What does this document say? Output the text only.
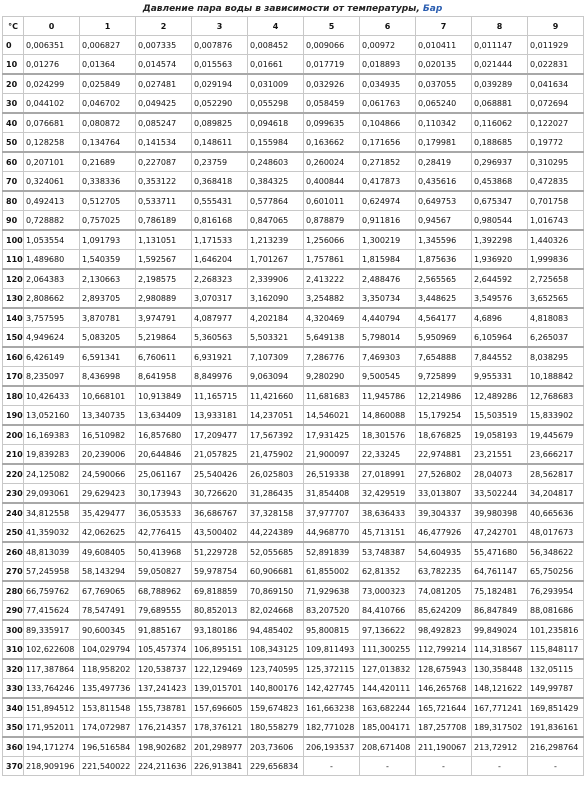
Давление пара воды в зависимости от температуры, Бар
°C	0	1	2	3	4	5	6	7	8	9
0	0,006351	0,006827	0,007335	0,007876	0,008452	0,009066	0,00972	0,010411	0,011147	0,011929
10	0,01276	0,01364	0,014574	0,015563	0,01661	0,017719	0,018893	0,020135	0,021444	0,022831
20	0,024299	0,025849	0,027481	0,029194	0,031009	0,032926	0,034935	0,037055	0,039289	0,041634
30	0,044102	0,046702	0,049425	0,052290	0,055298	0,058459	0,061763	0,065240	0,068881	0,072694
40	0,076681	0,080872	0,085247	0,089825	0,094618	0,099635	0,104866	0,110342	0,116062	0,122027
50	0,128258	0,134764	0,141534	0,148611	0,155984	0,163662	0,171656	0,179981	0,188685	0,19772
60	0,207101	0,21689	0,227087	0,23759	0,248603	0,260024	0,271852	0,28419	0,296937	0,310295
70	0,324061	0,338336	0,353122	0,368418	0,384325	0,400844	0,417873	0,435616	0,453868	0,472835
80	0,492413	0,512705	0,533711	0,555431	0,577864	0,601011	0,624974	0,649753	0,675347	0,701758
90	0,728882	0,757025	0,786189	0,816168	0,847065	0,878879	0,911816	0,94567	0,980544	1,016743
100	1,053554	1,091793	1,131051	1,171533	1,213239	1,256066	1,300219	1,345596	1,392298	1,440326
110	1,489680	1,540359	1,592567	1,646204	1,701267	1,757861	1,815984	1,875636	1,936920	1,999836
120	2,064383	2,130663	2,198575	2,268323	2,339906	2,413222	2,488476	2,565565	2,644592	2,725658
130	2,808662	2,893705	2,980889	3,070317	3,162090	3,254882	3,350734	3,448625	3,549576	3,652565
140	3,757595	3,870781	3,974791	4,087977	4,202184	4,320469	4,440794	4,564177	4,6896	4,818083
150	4,949624	5,083205	5,219864	5,360563	5,503321	5,649138	5,798014	5,950969	6,105964	6,265037
160	6,426149	6,591341	6,760611	6,931921	7,107309	7,286776	7,469303	7,654888	7,844552	8,038295
170	8,235097	8,436998	8,641958	8,849976	9,063094	9,280290	9,500545	9,725899	9,955331	10,188842
180	10,426433	10,668101	10,913849	11,165715	11,421660	11,681683	11,945786	12,214986	12,489286	12,768683
190	13,052160	13,340735	13,634409	13,933181	14,237051	14,546021	14,860088	15,179254	15,503519	15,833902
200	16,169383	16,510982	16,857680	17,209477	17,567392	17,931425	18,301576	18,676825	19,058193	19,445679
210	19,839283	20,239006	20,644846	21,057825	21,475902	21,900097	22,33245	22,974881	23,21551	23,666217
220	24,125082	24,590066	25,061167	25,540426	26,025803	26,519338	27,018991	27,526802	28,04073	28,562817
230	29,093061	29,629423	30,173943	30,726620	31,286435	31,854408	32,429519	33,013807	33,502244	34,204817
240	34,812558	35,429477	36,053533	36,686767	37,328158	37,977707	38,636433	39,304337	39,980398	40,665636
250	41,359032	42,062625	42,776415	43,500402	44,224389	44,968770	45,713151	46,477926	47,242701	48,017673
260	48,813039	49,608405	50,413968	51,229728	52,055685	52,891839	53,748387	54,604935	55,471680	56,348622
270	57,245958	58,143294	59,050827	59,978754	60,906681	61,855002	62,81352	63,782235	64,761147	65,750256
280	66,759762	67,769065	68,788962	69,818859	70,869150	71,929638	73,000323	74,081205	75,182481	76,293954
290	77,415624	78,547491	79,689555	80,852013	82,024668	83,207520	84,410766	85,624209	86,847849	88,081686
300	89,335917	90,600345	91,885167	93,180186	94,485402	95,800815	97,136622	98,492823	99,849024	101,235816
310	102,622608	104,029794	105,457374	106,895151	108,343125	109,811493	111,300255	112,799214	114,318567	115,848117
320	117,387864	118,958202	120,538737	122,129469	123,740595	125,372115	127,013832	128,675943	130,358448	132,05115
330	133,764246	135,497736	137,241423	139,015701	140,800176	142,427745	144,420111	146,265768	148,121622	149,99787
340	151,894512	153,811548	155,738781	157,696605	159,674823	161,663238	163,682244	165,721644	167,771241	169,851429
350	171,952011	174,072987	176,214357	178,376121	180,558279	182,771028	185,004171	187,257708	189,317502	191,836161
360	194,171274	196,516584	198,902682	201,298977	203,73606	206,193537	208,671408	211,190067	213,72912	216,298764
370	218,909196	221,540022	224,211636	226,913841	229,656834	-	-	-	-	-
